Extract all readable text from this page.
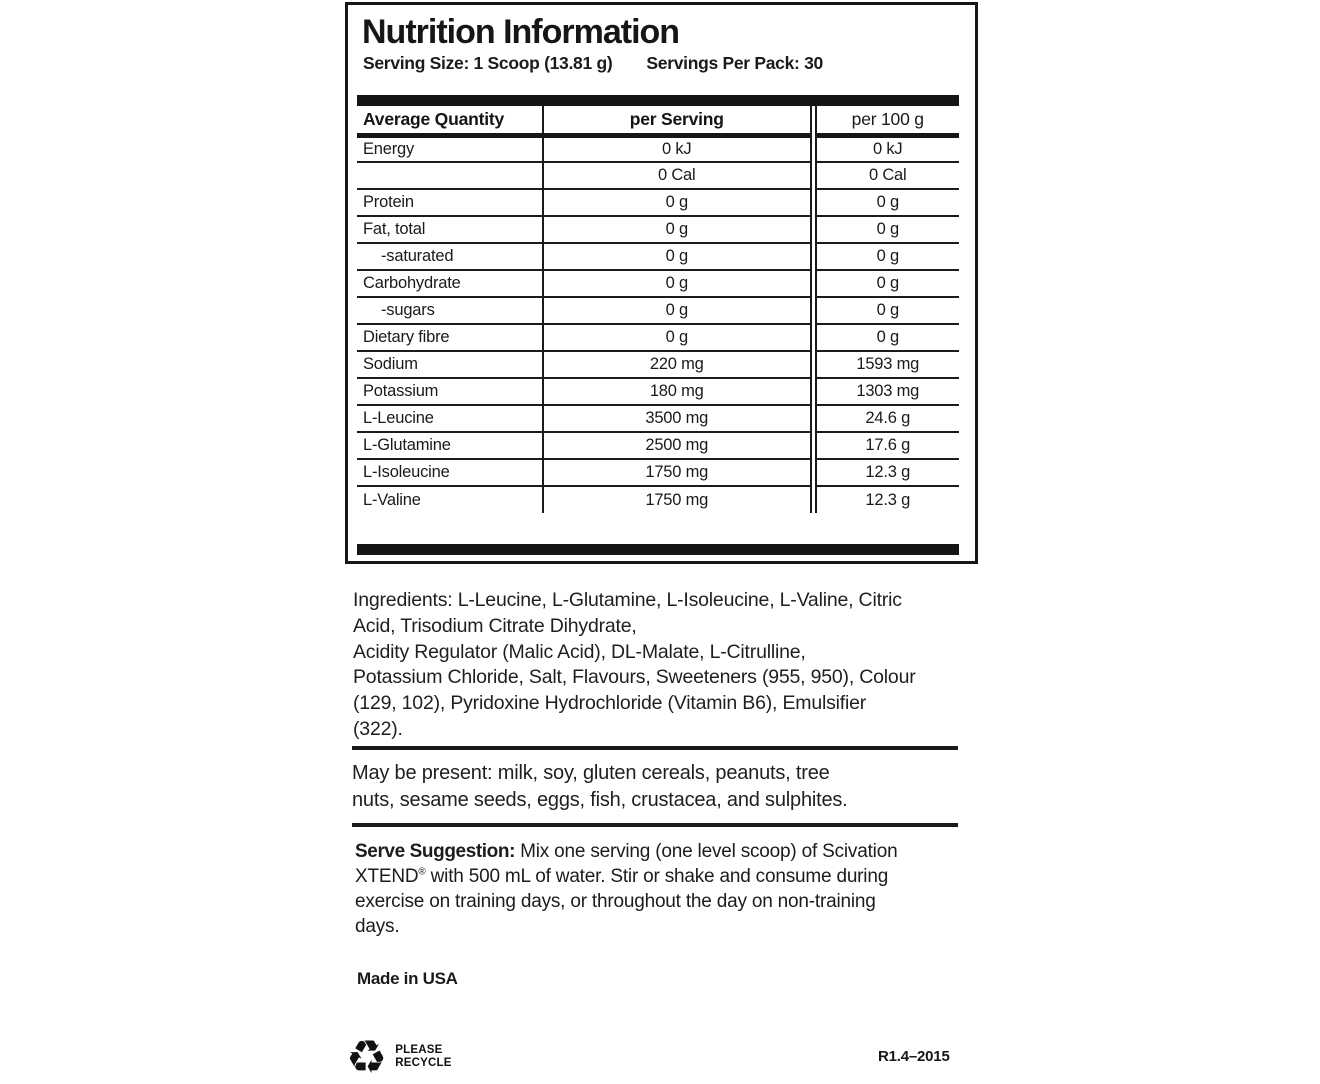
Nutrition Information
Serving Size: 1 Scoop (13.81 g) Servings Per Pack: 30
Average Quantity	per Serving	per 100 g
Energy	0 kJ	0 kJ
	0 Cal	0 Cal
Protein	0 g	0 g
Fat, total	0 g	0 g
-saturated	0 g	0 g
Carbohydrate	0 g	0 g
-sugars	0 g	0 g
Dietary fibre	0 g	0 g
Sodium	220 mg	1593 mg
Potassium	180 mg	1303 mg
L-Leucine	3500 mg	24.6 g
L-Glutamine	2500 mg	17.6 g
L-Isoleucine	1750 mg	12.3 g
L-Valine	1750 mg	12.3 g
Ingredients: L-Leucine, L-Glutamine, L-Isoleucine, L-Valine, Citric
Acid, Trisodium Citrate Dihydrate,
Acidity Regulator (Malic Acid), DL-Malate, L-Citrulline,
Potassium Chloride, Salt, Flavours, Sweeteners (955, 950), Colour
(129, 102), Pyridoxine Hydrochloride (Vitamin B6), Emulsifier
(322).
May be present: milk, soy, gluten cereals, peanuts, tree
nuts, sesame seeds, eggs, fish, crustacea, and sulphites.
Serve Suggestion: Mix one serving (one level scoop) of Scivation XTEND® with 500 mL of water. Stir or shake and consume during exercise on training days, or throughout the day on non-training days.
Made in USA
♻ PLEASE
RECYCLE	R1.4–2015
